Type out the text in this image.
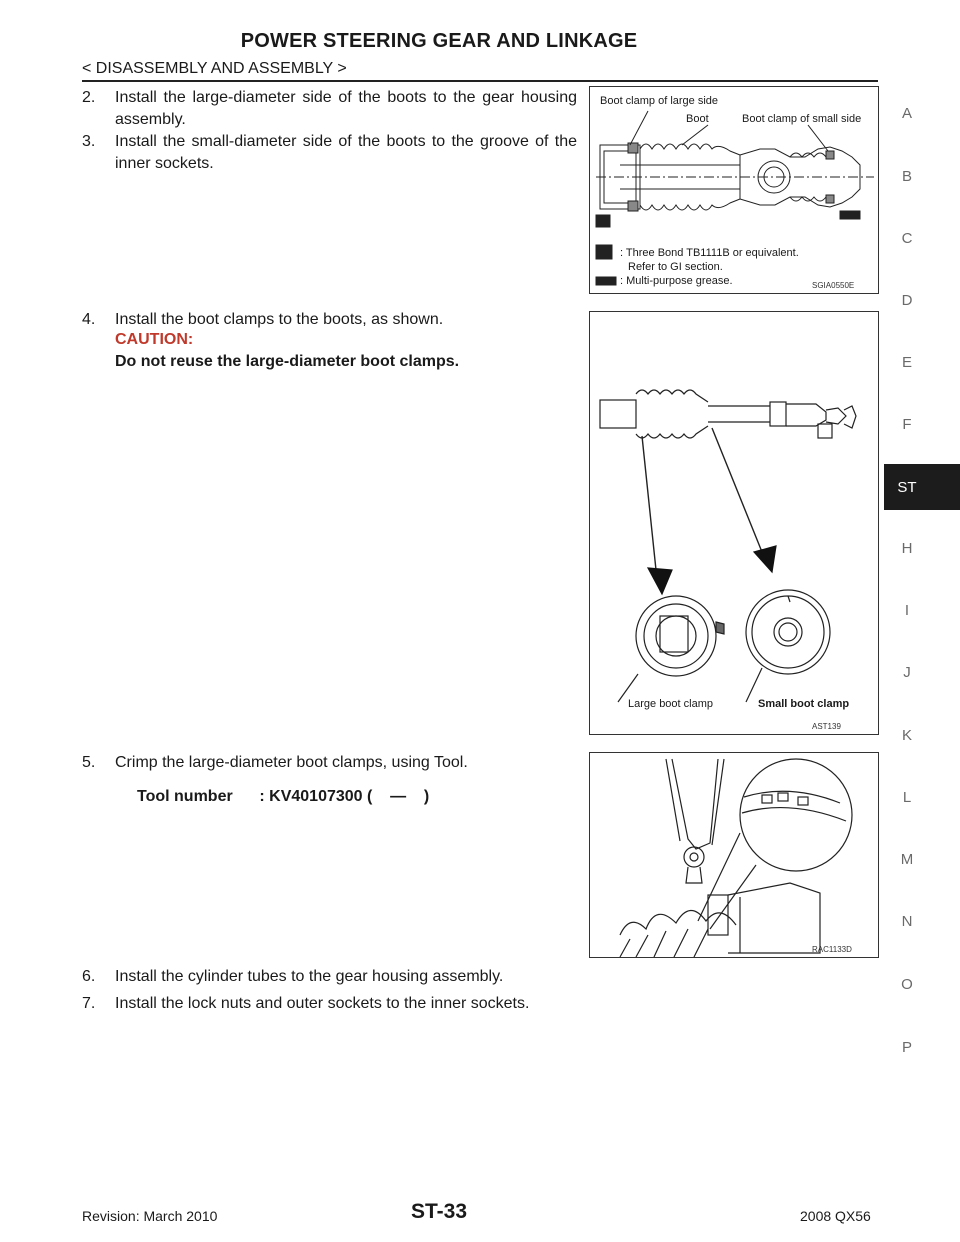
POWER STEERING GEAR AND LINKAGE
< DISASSEMBLY AND ASSEMBLY >
A
B
C
D
E
F
ST
H
I
J
K
L
M
N
O
P
2. Install the large-diameter side of the boots to the gear housing assembly.
3. Install the small-diameter side of the boots to the groove of the inner sockets.
4. Install the boot clamps to the boots, as shown.
CAUTION:
Do not reuse the large-diameter boot clamps.
5. Crimp the large-diameter boot clamps, using Tool.
Tool number      : KV40107300 (    —    )
6. Install the cylinder tubes to the gear housing assembly.
7. Install the lock nuts and outer sockets to the inner sockets.
Boot clamp of large side
Boot	Boot clamp of small side
: Three Bond TB1111B or equivalent.
Refer to GI section.
: Multi-purpose grease.	SGIA0550E
Large boot clamp	Small boot clamp
AST139
RAC1133D
Revision: March 2010	ST-33	2008 QX56
